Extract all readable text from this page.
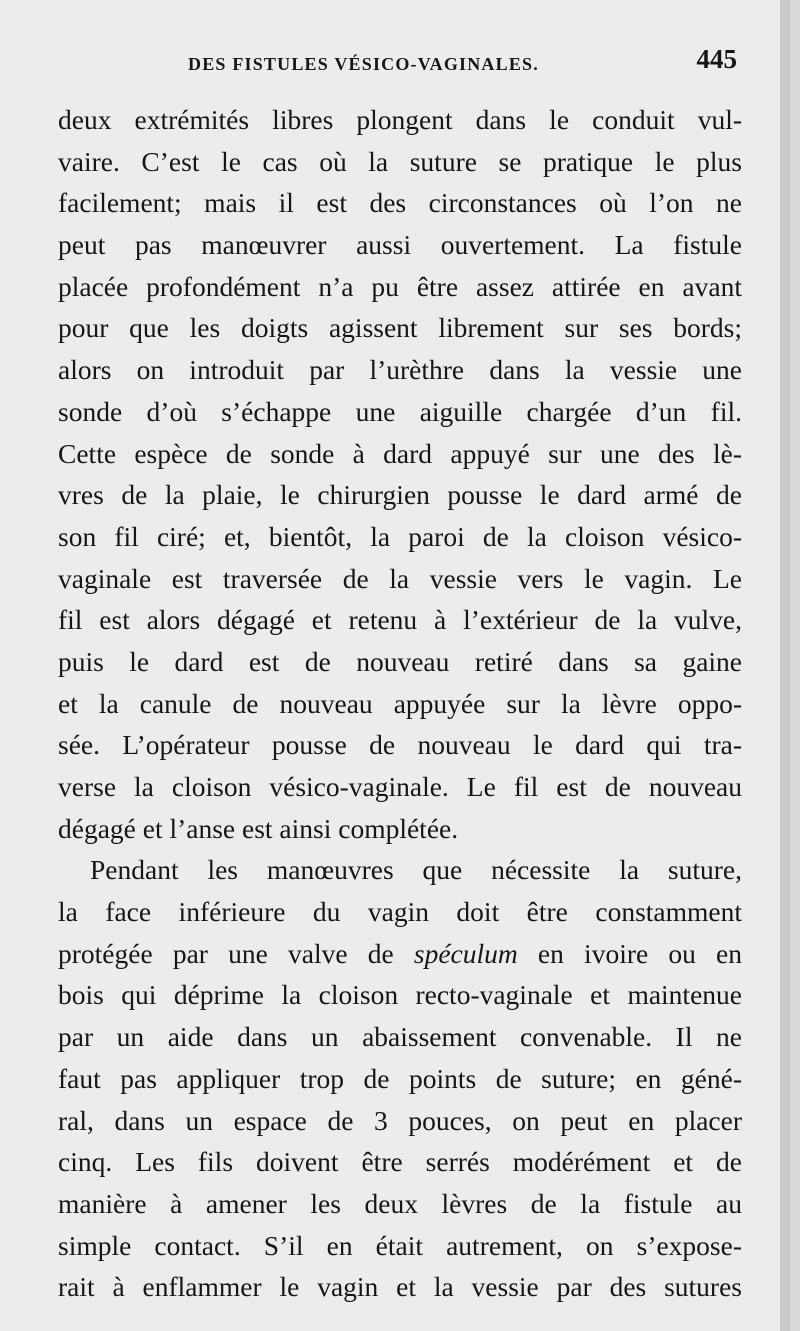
DES FISTULES VÉSICO-VAGINALES.	445
deux extrémités libres plongent dans le conduit vul-
vaire. C’est le cas où la suture se pratique le plus
facilement; mais il est des circonstances où l’on ne
peut pas manœuvrer aussi ouvertement. La fistule
placée profondément n’a pu être assez attirée en avant
pour que les doigts agissent librement sur ses bords;
alors on introduit par l’urèthre dans la vessie une
sonde d’où s’échappe une aiguille chargée d’un fil.
Cette espèce de sonde à dard appuyé sur une des lè-
vres de la plaie, le chirurgien pousse le dard armé de
son fil ciré; et, bientôt, la paroi de la cloison vésico-
vaginale est traversée de la vessie vers le vagin. Le
fil est alors dégagé et retenu à l’extérieur de la vulve,
puis le dard est de nouveau retiré dans sa gaine
et la canule de nouveau appuyée sur la lèvre oppo-
sée. L’opérateur pousse de nouveau le dard qui tra-
verse la cloison vésico-vaginale. Le fil est de nouveau
dégagé et l’anse est ainsi complétée.
Pendant les manœuvres que nécessite la suture,
la face inférieure du vagin doit être constamment
protégée par une valve de spéculum en ivoire ou en
bois qui déprime la cloison recto-vaginale et maintenue
par un aide dans un abaissement convenable. Il ne
faut pas appliquer trop de points de suture; en géné-
ral, dans un espace de 3 pouces, on peut en placer
cinq. Les fils doivent être serrés modérément et de
manière à amener les deux lèvres de la fistule au
simple contact. S’il en était autrement, on s’expose-
rait à enflammer le vagin et la vessie par des sutures
